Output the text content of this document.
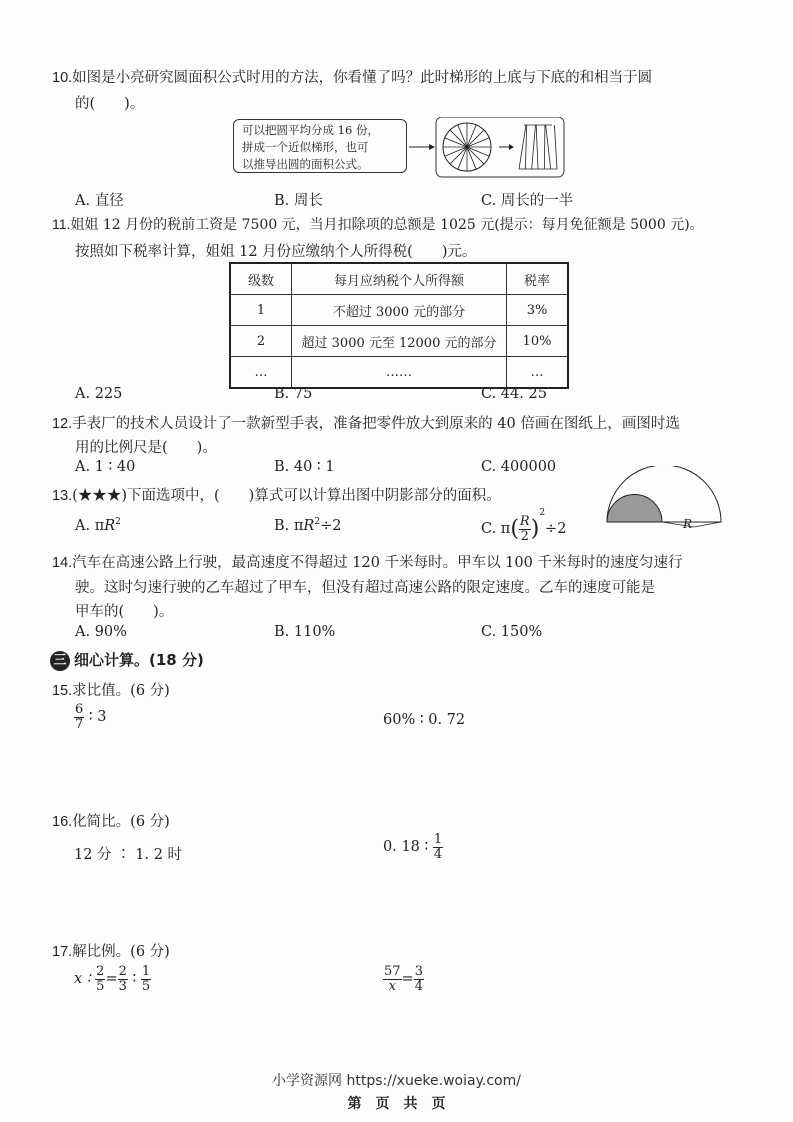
10.如图是小亮研究圆面积公式时用的方法，你看懂了吗？此时梯形的上底与下底的和相当于圆
的(　　)。
可以把圆平均分成 16 份，
拼成一个近似梯形，也可
以推导出圆的面积公式。
A. 直径	B. 周长	C. 周长的一半
11.姐姐 12 月份的税前工资是 7500 元，当月扣除项的总额是 1025 元(提示：每月免征额是 5000 元)。
按照如下税率计算，姐姐 12 月份应缴纳个人所得税(　　)元。
级数	每月应纳税个人所得额	税率
1	不超过 3000 元的部分	3%
2	超过 3000 元至 12000 元的部分	10%
…	……	…
A. 225	B. 75	C. 44. 25
12.手表厂的技术人员设计了一款新型手表，准备把零件放大到原来的 40 倍画在图纸上，画图时选
用的比例尺是(　　)。
A. 1 ∶ 40	B. 40 ∶ 1	C. 400000
13.(★★★)下面选项中，(　　)算式可以计算出图中阴影部分的面积。
A. $\pi R^2$	B. $\pi R^2\div 2$	C. $\pi( \frac{R}{2} )^2\div 2$	R
14.汽车在高速公路上行驶，最高速度不得超过 120 千米每时。甲车以 100 千米每时的速度匀速行
驶。这时匀速行驶的乙车超过了甲车，但没有超过高速公路的限定速度。乙车的速度可能是
甲车的(　　)。
A. 90%	B. 110%	C. 150%
三 细心计算。(18 分)
15.求比值。(6 分)
$\frac{6}{7}$ ∶ 3	60% ∶ 0. 72
16.化简比。(6 分)
12 分 ∶ 1. 2 时	0. 18 ∶ $\frac{1}{4}$
17.解比例。(6 分)
x ∶ $\frac{2}{5} = \frac{2}{3}$ ∶ $\frac{1}{5}$	$\frac{57}{x}= \frac{3}{4}$
小学资源网 https://xueke.woiay.com/
第　页　共　页
